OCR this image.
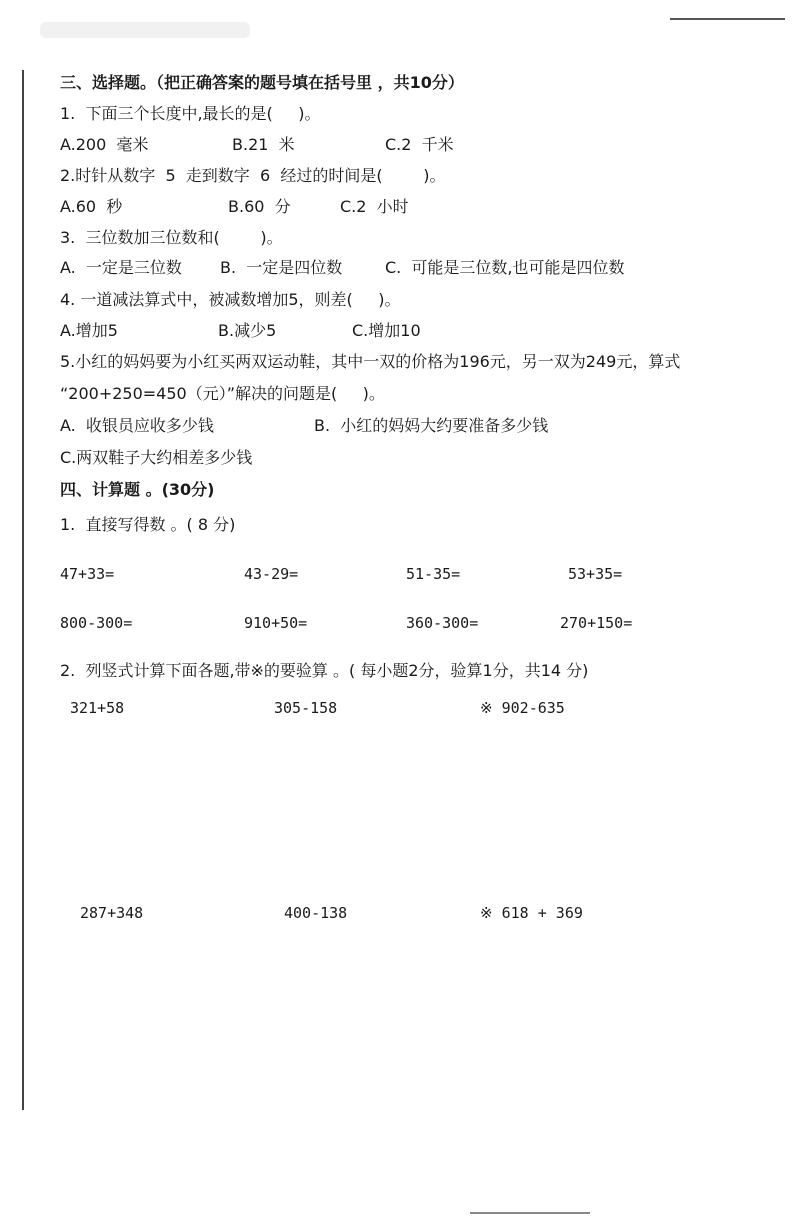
三、选择题。（把正确答案的题号填在括号里 ，共10分）
1.  下面三个长度中,最长的是(     )。
A.200  毫米	B.21  米	C.2  千米
2.时针从数字  5  走到数字  6  经过的时间是(        )。
A.60  秒	B.60  分	C.2  小时
3.  三位数加三位数和(        )。
A.  一定是三位数 B.  一定是四位数	C.  可能是三位数,也可能是四位数
4. 一道减法算式中，被减数增加5，则差(     )。
A.增加5	B.减少5	C.增加10
5.小红的妈妈要为小红买两双运动鞋，其中一双的价格为196元，另一双为249元，算式
“200+250=450（元）”解决的问题是(     )。
A.  收银员应收多少钱	B.  小红的妈妈大约要准备多少钱
C.两双鞋子大约相差多少钱
四、计算题 。(30分)
1.  直接写得数 。( 8 分)
47+33=	43-29=	51-35=	53+35=
800-300=	910+50=	360-300=	270+150=
2.  列竖式计算下面各题,带※的要验算 。( 每小题2分，验算1分，共14 分)
321+58	305-158	※ 902-635
287+348	400-138	※ 618 + 369
